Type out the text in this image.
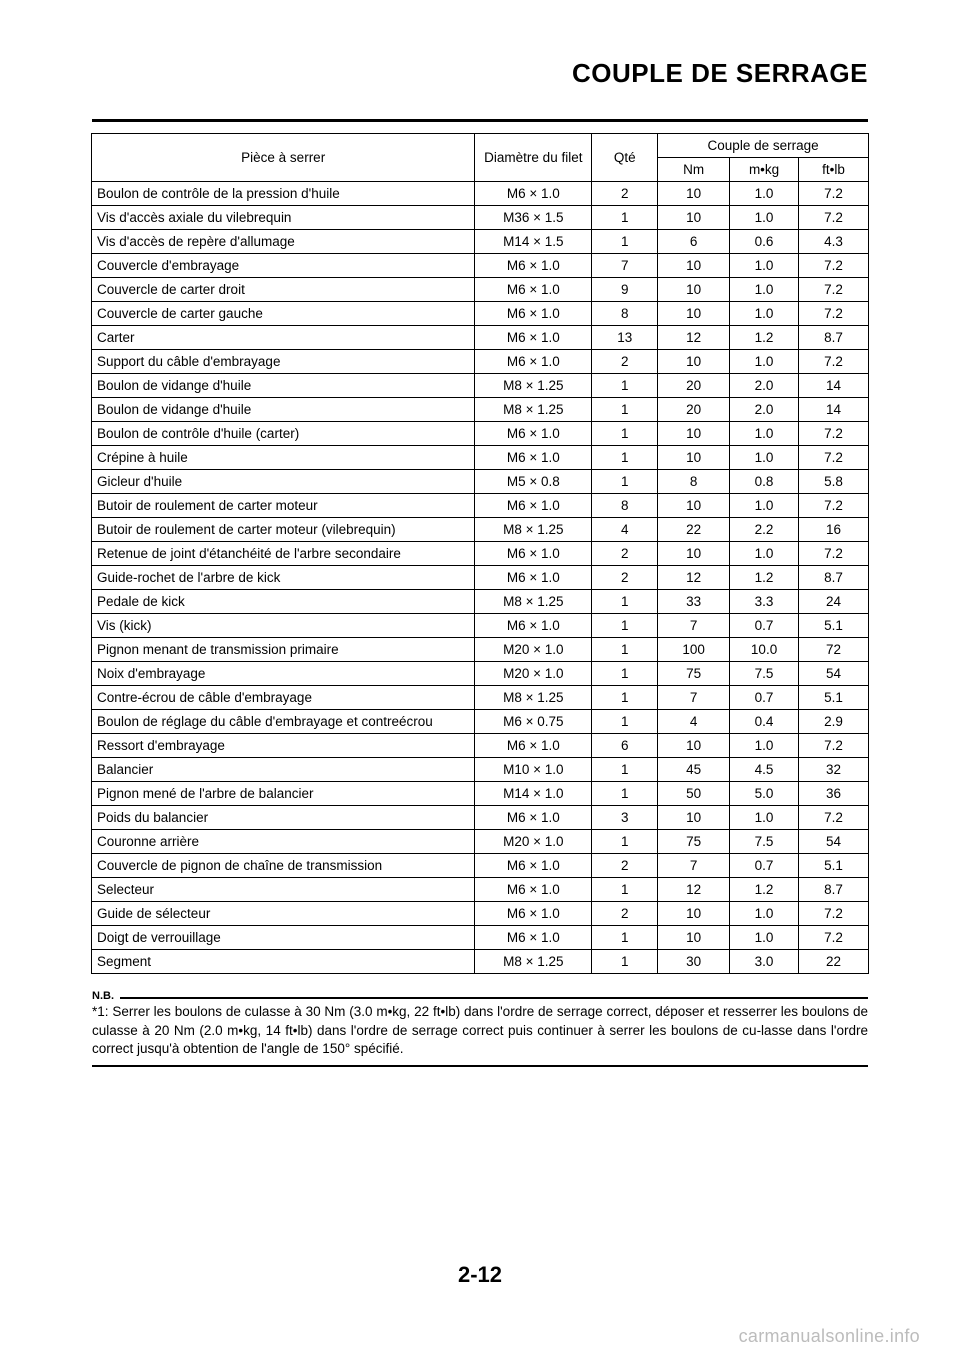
COUPLE DE SERRAGE
Pièce à serrer	Diamètre du filet	Qté	Couple de serrage		
			Nm	m•kg	ft•lb
Boulon de contrôle de la pression d'huile	M6 × 1.0	2	10	1.0	7.2
Vis d'accès axiale du vilebrequin	M36 × 1.5	1	10	1.0	7.2
Vis d'accès de repère d'allumage	M14 × 1.5	1	6	0.6	4.3
Couvercle d'embrayage	M6 × 1.0	7	10	1.0	7.2
Couvercle de carter droit	M6 × 1.0	9	10	1.0	7.2
Couvercle de carter gauche	M6 × 1.0	8	10	1.0	7.2
Carter	M6 × 1.0	13	12	1.2	8.7
Support du câble d'embrayage	M6 × 1.0	2	10	1.0	7.2
Boulon de vidange d'huile	M8 × 1.25	1	20	2.0	14
Boulon de vidange d'huile	M8 × 1.25	1	20	2.0	14
Boulon de contrôle d'huile (carter)	M6 × 1.0	1	10	1.0	7.2
Crépine à huile	M6 × 1.0	1	10	1.0	7.2
Gicleur d'huile	M5 × 0.8	1	8	0.8	5.8
Butoir de roulement de carter moteur	M6 × 1.0	8	10	1.0	7.2
Butoir de roulement de carter moteur (vilebrequin)	M8 × 1.25	4	22	2.2	16
Retenue de joint d'étanchéité de l'arbre secondaire	M6 × 1.0	2	10	1.0	7.2
Guide-rochet de l'arbre de kick	M6 × 1.0	2	12	1.2	8.7
Pedale de kick	M8 × 1.25	1	33	3.3	24
Vis (kick)	M6 × 1.0	1	7	0.7	5.1
Pignon menant de transmission primaire	M20 × 1.0	1	100	10.0	72
Noix d'embrayage	M20 × 1.0	1	75	7.5	54
Contre-écrou de câble d'embrayage	M8 × 1.25	1	7	0.7	5.1
Boulon de réglage du câble d'embrayage et contreécrou	M6 × 0.75	1	4	0.4	2.9
Ressort d'embrayage	M6 × 1.0	6	10	1.0	7.2
Balancier	M10 × 1.0	1	45	4.5	32
Pignon mené de l'arbre de balancier	M14 × 1.0	1	50	5.0	36
Poids du balancier	M6 × 1.0	3	10	1.0	7.2
Couronne arrière	M20 × 1.0	1	75	7.5	54
Couvercle de pignon de chaîne de transmission	M6 × 1.0	2	7	0.7	5.1
Selecteur	M6 × 1.0	1	12	1.2	8.7
Guide de sélecteur	M6 × 1.0	2	10	1.0	7.2
Doigt de verrouillage	M6 × 1.0	1	10	1.0	7.2
Segment	M8 × 1.25	1	30	3.0	22
N.B.
*1: Serrer les boulons de culasse à 30 Nm (3.0 m•kg, 22 ft•lb) dans l'ordre de serrage correct, déposer et resserrer les boulons de culasse à 20 Nm (2.0 m•kg, 14 ft•lb) dans l'ordre de serrage correct puis continuer à serrer les boulons de cu-lasse dans l'ordre correct jusqu'à obtention de l'angle de 150° spécifié.
2-12
carmanualsonline.info
